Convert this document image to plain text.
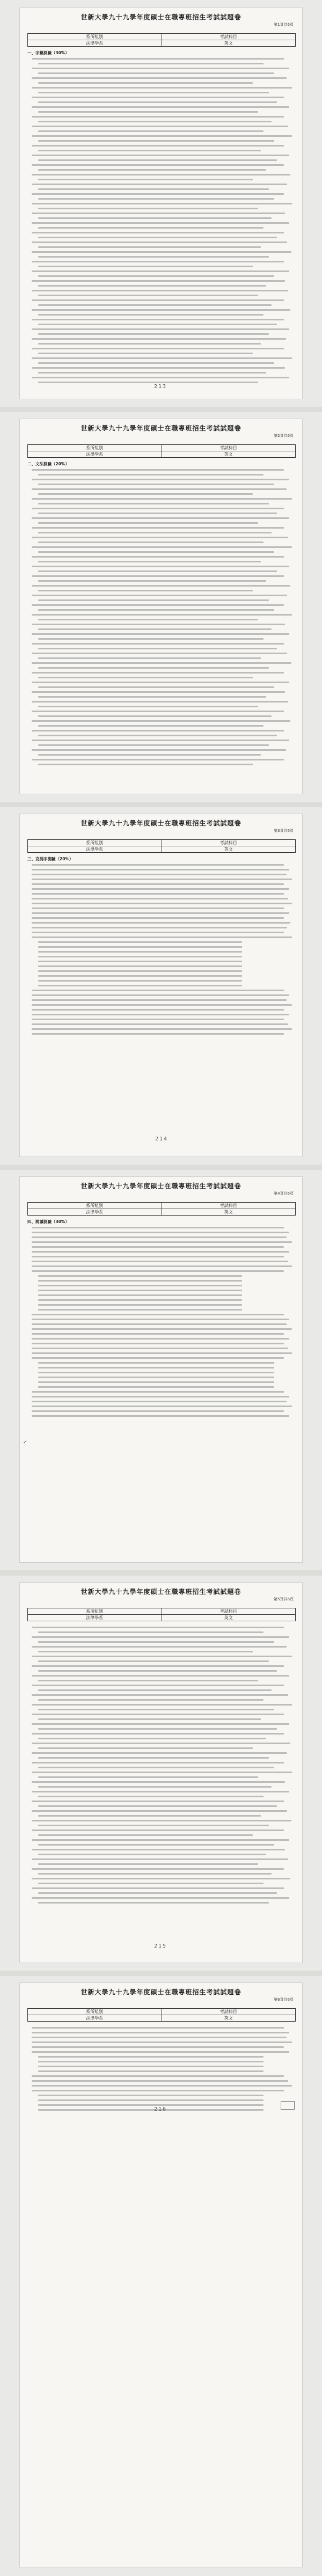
世新大學九十九學年度碩士在職專班招生考試試題卷
第1頁共6頁
系所組別	考試科目
法律學系	英文
一、字彙測驗（30%）
213
世新大學九十九學年度碩士在職專班招生考試試題卷
第2頁共6頁
系所組別	考試科目
法律學系	英文
二、文法測驗（20%）
世新大學九十九學年度碩士在職專班招生考試試題卷
第3頁共6頁
系所組別	考試科目
法律學系	英文
三、克漏字測驗（20%）
214
世新大學九十九學年度碩士在職專班招生考試試題卷
第4頁共6頁
系所組別	考試科目
法律學系	英文
四、閱讀測驗（30%）
✓
世新大學九十九學年度碩士在職專班招生考試試題卷
第5頁共6頁
系所組別	考試科目
法律學系	英文
215
世新大學九十九學年度碩士在職專班招生考試試題卷
第6頁共6頁
系所組別	考試科目
法律學系	英文
216
